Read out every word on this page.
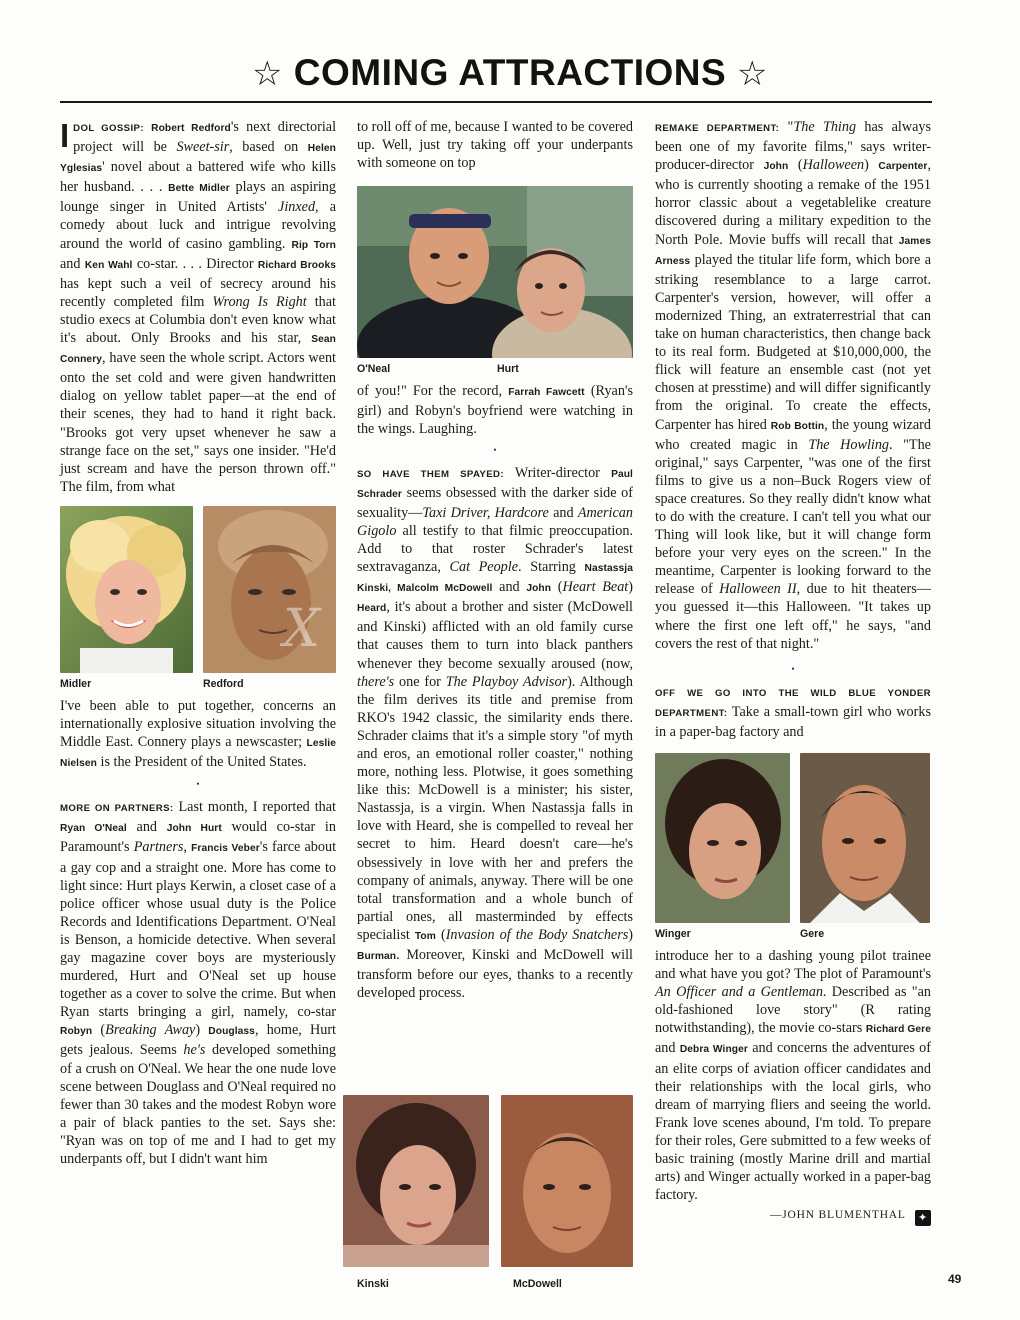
☆ COMING ATTRACTIONS ☆

IDOL GOSSIP: Robert Redford's next directorial project will be Sweet-sir, based on Helen Yglesias' novel about a battered wife who kills her husband. . . . Bette Midler plays an aspiring lounge singer in United Artists' Jinxed, a comedy about luck and intrigue revolving around the world of casino gambling. Rip Torn and Ken Wahl co-star. . . . Director Richard Brooks has kept such a veil of secrecy around his recently completed film Wrong Is Right that studio execs at Columbia don't even know what it's about. Only Brooks and his star, Sean Connery, have seen the whole script. Actors went onto the set cold and were given handwritten dialog on yellow tablet paper—at the end of their scenes, they had to hand it right back. "Brooks got very upset whenever he saw a strange face on the set," says one insider. "He'd just scream and have the person thrown off." The film, from what

X
Midler	Redford

I've been able to put together, concerns an internationally explosive situation involving the Middle East. Connery plays a newscaster; Leslie Nielsen is the President of the United States.

•

MORE ON PARTNERS: Last month, I reported that Ryan O'Neal and John Hurt would co-star in Paramount's Partners, Francis Veber's farce about a gay cop and a straight one. More has come to light since: Hurt plays Kerwin, a closet case of a police officer whose usual duty is the Police Records and Identifications Department. O'Neal is Benson, a homicide detective. When several gay magazine cover boys are mysteriously murdered, Hurt and O'Neal set up house together as a cover to solve the crime. But when Ryan starts bringing a girl, namely, co-star Robyn (Breaking Away) Douglass, home, Hurt gets jealous. Seems he's developed something of a crush on O'Neal. We hear the one nude love scene between Douglass and O'Neal required no fewer than 30 takes and the modest Robyn wore a pair of black panties to the set. Says she: "Ryan was on top of me and I had to get my underpants off, but I didn't want him

to roll off of me, because I wanted to be covered up. Well, just try taking off your underpants with someone on top

O'Neal	Hurt

of you!" For the record, Farrah Fawcett (Ryan's girl) and Robyn's boyfriend were watching in the wings. Laughing.

•

SO HAVE THEM SPAYED: Writer-director Paul Schrader seems obsessed with the darker side of sexuality—Taxi Driver, Hardcore and American Gigolo all testify to that filmic preoccupation. Add to that roster Schrader's latest sextravaganza, Cat People. Starring Nastassja Kinski, Malcolm McDowell and John (Heart Beat) Heard, it's about a brother and sister (McDowell and Kinski) afflicted with an old family curse that causes them to turn into black panthers whenever they become sexually aroused (now, there's one for The Playboy Advisor). Although the film derives its title and premise from RKO's 1942 classic, the similarity ends there. Schrader claims that it's a simple story "of myth and eros, an emotional roller coaster," nothing more, nothing less. Plotwise, it goes something like this: McDowell is a minister; his sister, Nastassja, is a virgin. When Nastassja falls in love with Heard, she is compelled to reveal her secret to him. Heard doesn't care—he's obsessively in love with her and prefers the company of animals, anyway. There will be one total transformation and a whole bunch of partial ones, all masterminded by effects specialist Tom (Invasion of the Body Snatchers) Burman. Moreover, Kinski and McDowell will transform before our eyes, thanks to a recently developed process.

Kinski	McDowell

REMAKE DEPARTMENT: "The Thing has always been one of my favorite films," says writer-producer-director John (Halloween) Carpenter, who is currently shooting a remake of the 1951 horror classic about a vegetablelike creature discovered during a military expedition to the North Pole. Movie buffs will recall that James Arness played the titular life form, which bore a striking resemblance to a large carrot. Carpenter's version, however, will offer a modernized Thing, an extraterrestrial that can take on human characteristics, then change back to its real form. Budgeted at $10,000,000, the flick will feature an ensemble cast (not yet chosen at presstime) and will differ significantly from the original. To create the effects, Carpenter has hired Rob Bottin, the young wizard who created magic in The Howling. "The original," says Carpenter, "was one of the first films to give us a non–Buck Rogers view of space creatures. So they really didn't know what to do with the creature. I can't tell you what our Thing will look like, but it will change form before your very eyes on the screen." In the meantime, Carpenter is looking forward to the release of Halloween II, due to hit theaters—you guessed it—this Halloween. "It takes up where the first one left off," he says, "and covers the rest of that night."

•

OFF WE GO INTO THE WILD BLUE YONDER DEPARTMENT: Take a small-town girl who works in a paper-bag factory and

Winger	Gere

introduce her to a dashing young pilot trainee and what have you got? The plot of Paramount's An Officer and a Gentleman. Described as "an old-fashioned love story" (R rating notwithstanding), the movie co-stars Richard Gere and Debra Winger and concerns the adventures of an elite corps of aviation officer candidates and their relationships with the local girls, who dream of marrying fliers and seeing the world. Frank love scenes abound, I'm told. To prepare for their roles, Gere submitted to a few weeks of basic training (mostly Marine drill and martial arts) and Winger actually worked in a paper-bag factory.

—JOHN BLUMENTHAL ✦
49
